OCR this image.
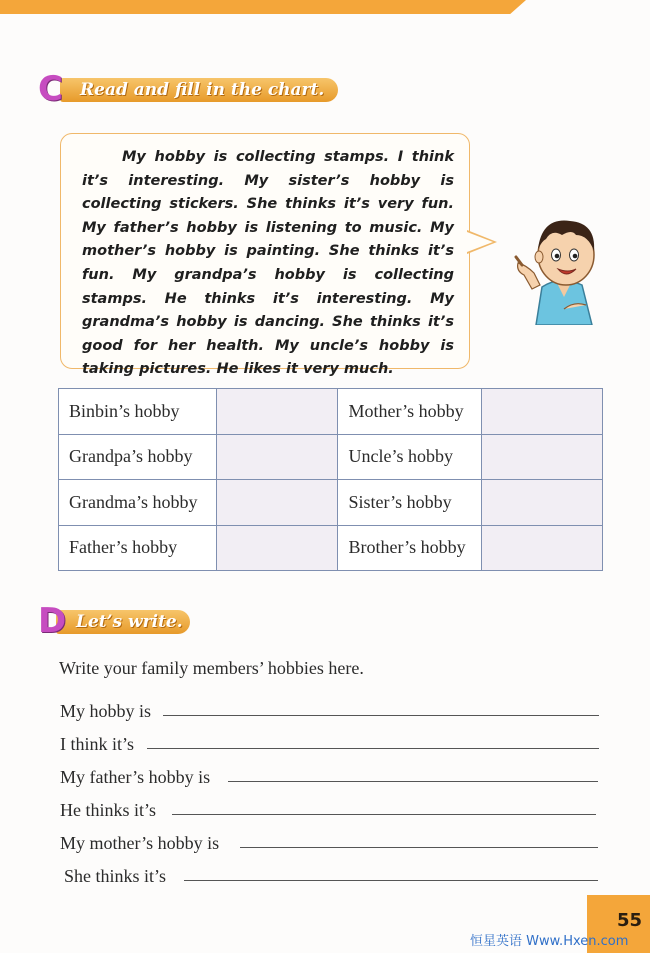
Read and fill in the chart.
C

My hobby is collecting stamps. I think it’s interesting. My sister’s hobby is collecting stickers. She thinks it’s very fun. My father’s hobby is listening to music. My mother’s hobby is painting. She thinks it’s fun. My grandpa’s hobby is collecting stamps. He thinks it’s interesting. My grandma’s hobby is dancing. She thinks it’s good for her health. My uncle’s hobby is taking pictures. He likes it very much.

Binbin’s hobby		Mother’s hobby	
Grandpa’s hobby		Uncle’s hobby	
Grandma’s hobby		Sister’s hobby	
Father’s hobby		Brother’s hobby	
Let’s write.
D
Write your family members’ hobbies here.
My hobby is
I think it’s
My father’s hobby is
He thinks it’s
My mother’s hobby is
She thinks it’s
55
恒星英语 Www.Hxen.com
